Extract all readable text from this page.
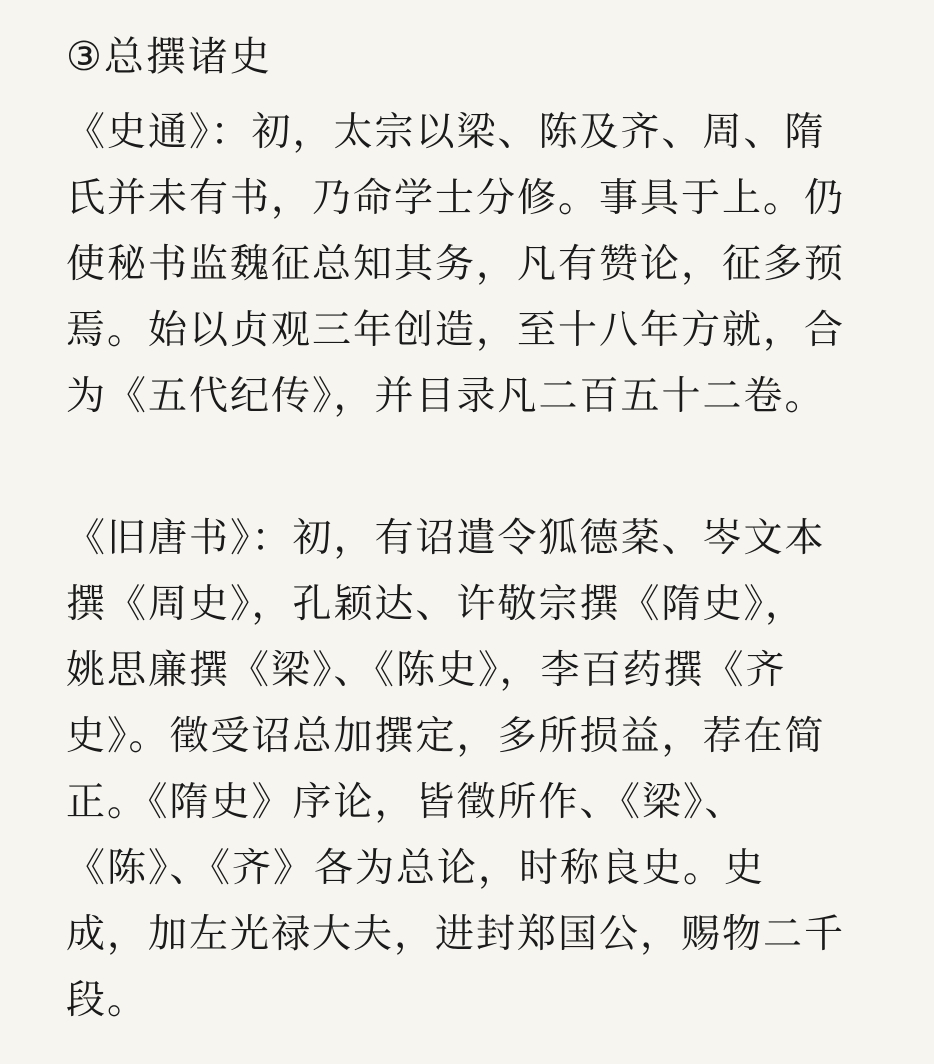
③总撰诸史
《史通》：初，太宗以梁、陈及齐、周、隋
氏并未有书，乃命学士分修。事具于上。仍
使秘书监魏征总知其务，凡有赞论，征多预
焉。始以贞观三年创造，至十八年方就，合
为《五代纪传》，并目录凡二百五十二卷。
《旧唐书》：初，有诏遣令狐德棻、岑文本
撰《周史》，孔颖达、许敬宗撰《隋史》，
姚思廉撰《梁》、《陈史》，李百药撰《齐
史》。徵受诏总加撰定，多所损益，荐在简
正。《隋史》序论，皆徵所作、《梁》、
《陈》、《齐》各为总论，时称良史。史
成，加左光禄大夫，进封郑国公，赐物二千
段。
